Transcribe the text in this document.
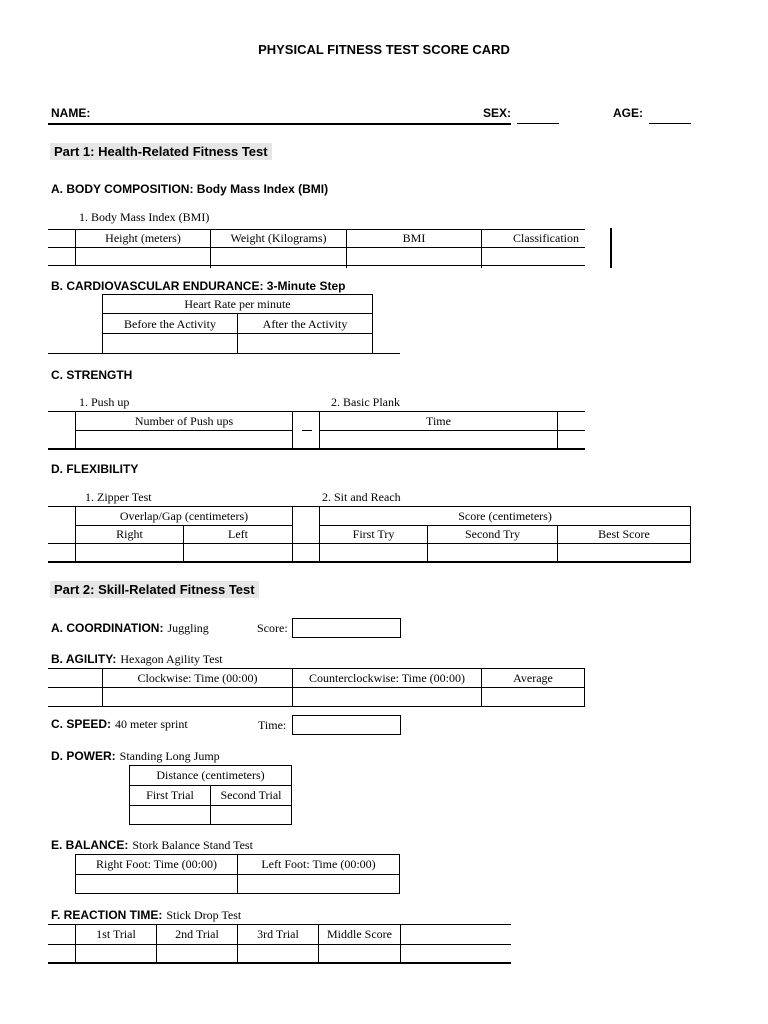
PHYSICAL FITNESS TEST SCORE CARD
NAME:	SEX:	AGE:
Part 1: Health-Related Fitness Test
A. BODY COMPOSITION: Body Mass Index (BMI)
1. Body Mass Index (BMI)
Height (meters)	Weight (Kilograms)	BMI	Classification
B. CARDIOVASCULAR ENDURANCE: 3-Minute Step
Heart Rate per minute
Before the Activity	After the Activity
C. STRENGTH
1. Push up	2. Basic Plank
Number of Push ups	Time
D. FLEXIBILITY
1. Zipper Test	2. Sit and Reach
Overlap/Gap (centimeters)	Score (centimeters)
Right	Left	First Try	Second Try	Best Score
Part 2: Skill-Related Fitness Test
A. COORDINATION: Juggling	Score:
B. AGILITY: Hexagon Agility Test
Clockwise: Time (00:00)	Counterclockwise: Time (00:00)	Average
C. SPEED: 40 meter sprint	Time:
D. POWER: Standing Long Jump
Distance (centimeters)
First Trial	Second Trial
E. BALANCE: Stork Balance Stand Test
Right Foot: Time (00:00)	Left Foot: Time (00:00)
F. REACTION TIME: Stick Drop Test
1st Trial	2nd Trial	3rd Trial	Middle Score
